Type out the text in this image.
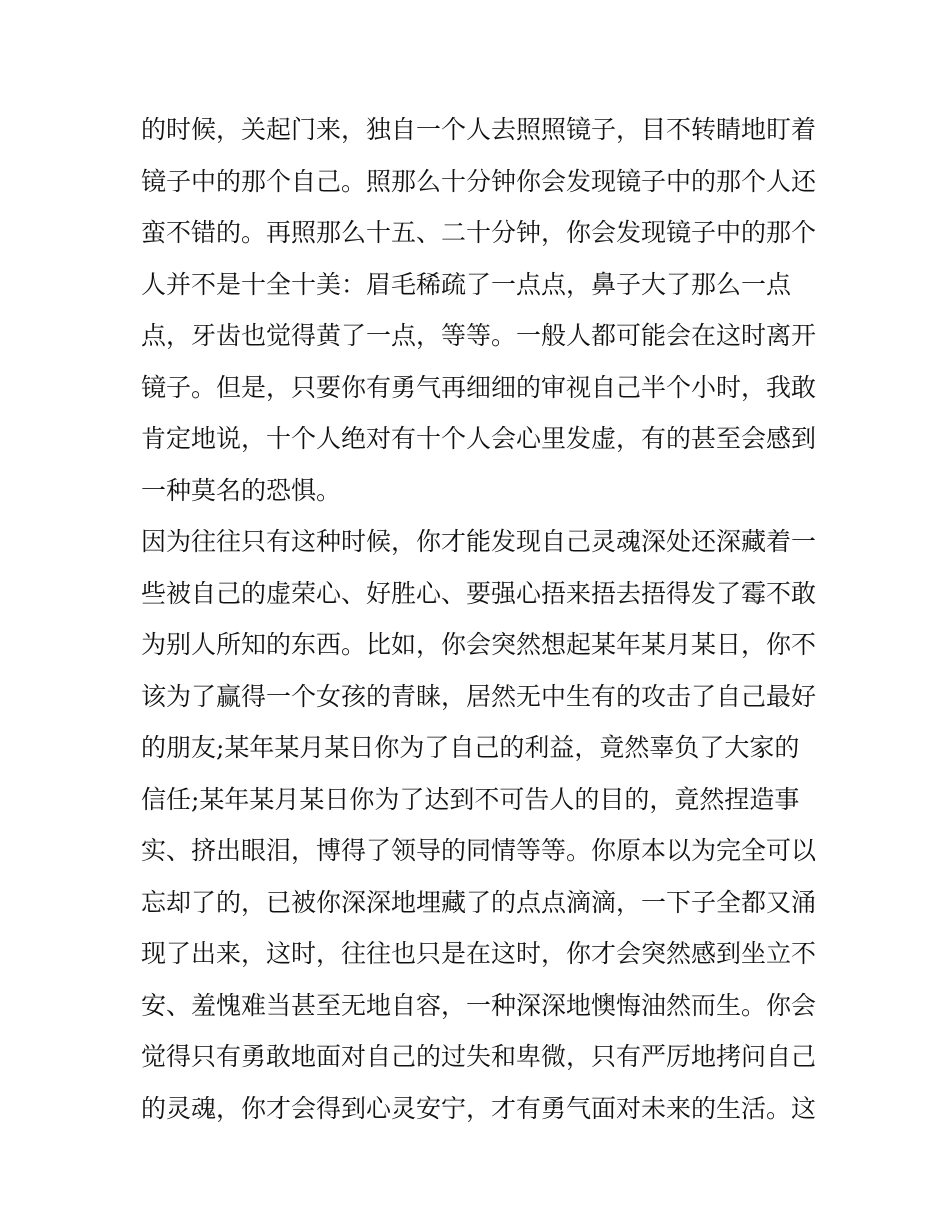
的时候，关起门来，独自一个人去照照镜子，目不转睛地盯着
镜子中的那个自己。照那么十分钟你会发现镜子中的那个人还
蛮不错的。再照那么十五、二十分钟，你会发现镜子中的那个
人并不是十全十美：眉毛稀疏了一点点，鼻子大了那么一点
点，牙齿也觉得黄了一点，等等。一般人都可能会在这时离开
镜子。但是，只要你有勇气再细细的审视自己半个小时，我敢
肯定地说，十个人绝对有十个人会心里发虚，有的甚至会感到
一种莫名的恐惧。
因为往往只有这种时候，你才能发现自己灵魂深处还深藏着一
些被自己的虚荣心、好胜心、要强心捂来捂去捂得发了霉不敢
为别人所知的东西。比如，你会突然想起某年某月某日，你不
该为了赢得一个女孩的青睐，居然无中生有的攻击了自己最好
的朋友;某年某月某日你为了自己的利益，竟然辜负了大家的
信任;某年某月某日你为了达到不可告人的目的，竟然捏造事
实、挤出眼泪，博得了领导的同情等等。你原本以为完全可以
忘却了的，已被你深深地埋藏了的点点滴滴，一下子全都又涌
现了出来，这时，往往也只是在这时，你才会突然感到坐立不
安、羞愧难当甚至无地自容，一种深深地懊悔油然而生。你会
觉得只有勇敢地面对自己的过失和卑微，只有严厉地拷问自己
的灵魂，你才会得到心灵安宁，才有勇气面对未来的生活。这
